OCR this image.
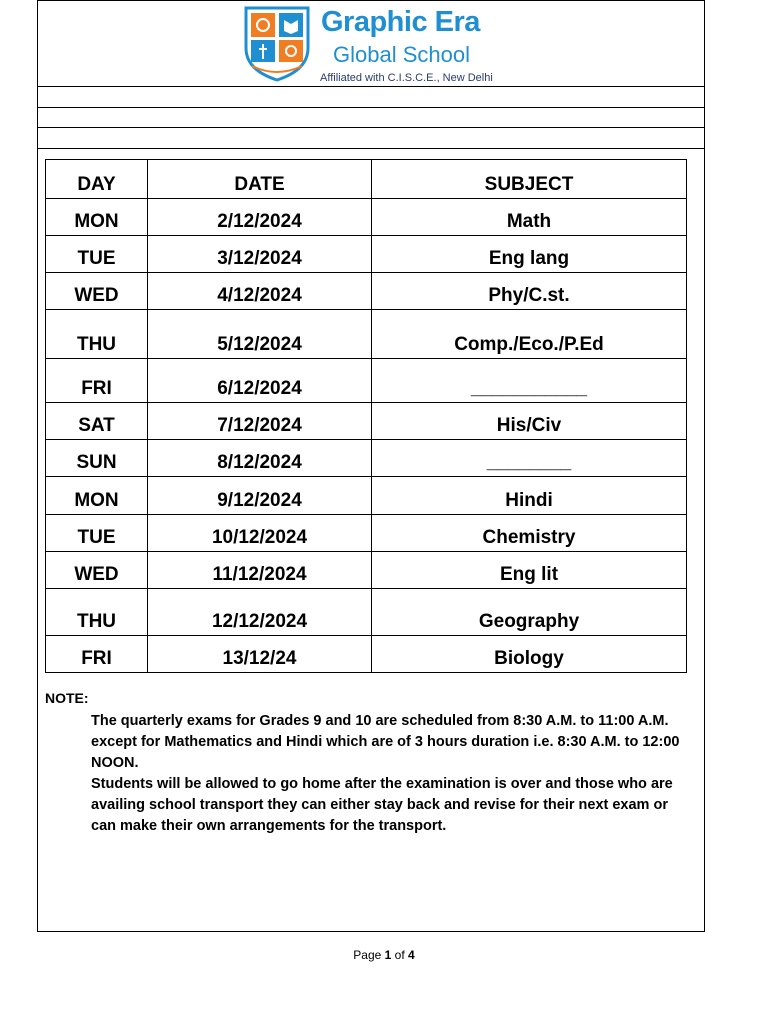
Graphic Era
Global School
Affiliated with C.I.S.C.E., New Delhi
DAY	DATE	SUBJECT
MON	2/12/2024	Math
TUE	3/12/2024	Eng lang
WED	4/12/2024	Phy/C.st.
THU	5/12/2024	Comp./Eco./P.Ed
FRI	6/12/2024	___________
SAT	7/12/2024	His/Civ
SUN	8/12/2024	________
MON	9/12/2024	Hindi
TUE	10/12/2024	Chemistry
WED	11/12/2024	Eng lit
THU	12/12/2024	Geography
FRI	13/12/24	Biology
NOTE:

The quarterly exams for Grades 9 and 10 are scheduled from 8:30 A.M. to 11:00 A.M. except for Mathematics and Hindi which are of 3 hours duration i.e. 8:30 A.M. to 12:00 NOON.

Students will be allowed to go home after the examination is over and those who are availing school transport they can either stay back and revise for their next exam or can make their own arrangements for the transport.

Page 1 of 4
